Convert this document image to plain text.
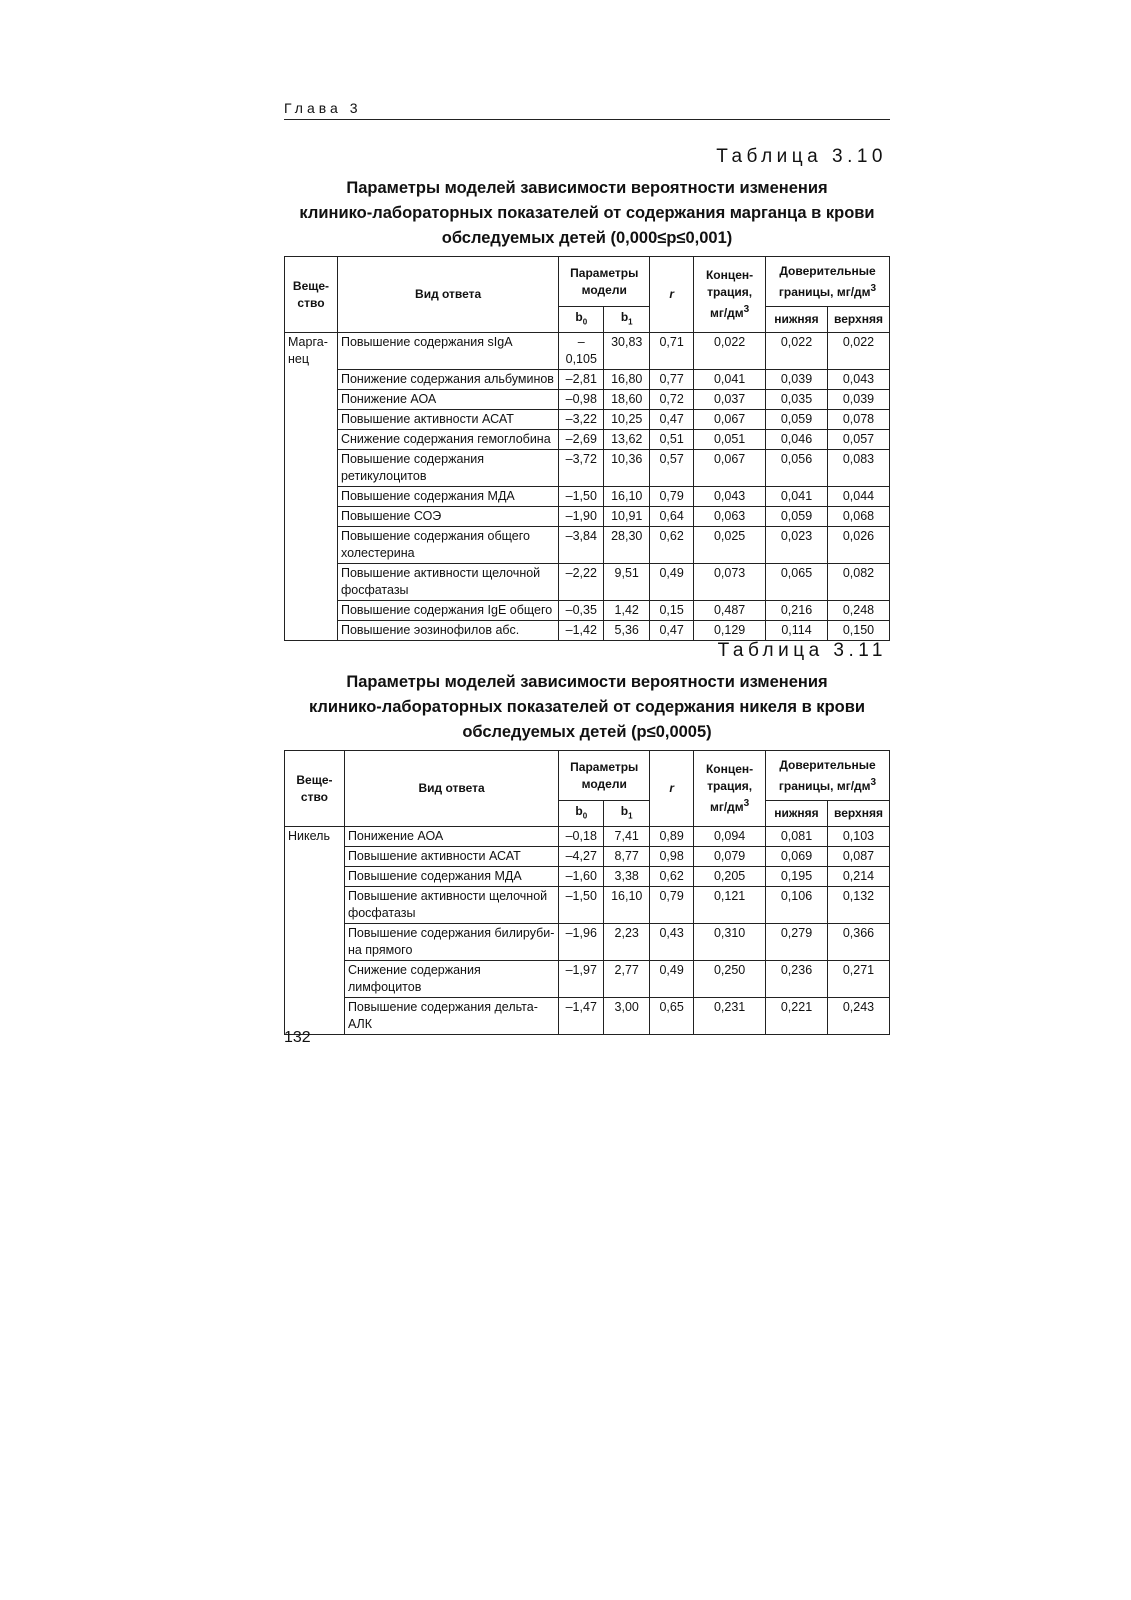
Глава 3
Таблица 3.10
Параметры моделей зависимости вероятности изменения
клинико-лабораторных показателей от содержания марганца в крови
обследуемых детей (0,000≤p≤0,001)
Веще-ство	Вид ответа	Параметры модели		r	Концен-трация, $мг/дм^3$	Доверительные границы, $мг/дм^3$
		$b_0$	$b_1$			нижняя	верхняя
Марга-нец	Повышение содержания sIgA	–0,105	30,83	0,71	0,022	0,022	0,022
	Понижение содержания альбуминов	–2,81	16,80	0,77	0,041	0,039	0,043
	Понижение АОА	–0,98	18,60	0,72	0,037	0,035	0,039
	Повышение активности АСАТ	–3,22	10,25	0,47	0,067	0,059	0,078
	Снижение содержания гемоглобина	–2,69	13,62	0,51	0,051	0,046	0,057
	Повышение содержания ретикулоцитов	–3,72	10,36	0,57	0,067	0,056	0,083
	Повышение содержания МДА	–1,50	16,10	0,79	0,043	0,041	0,044
	Повышение СОЭ	–1,90	10,91	0,64	0,063	0,059	0,068
	Повышение содержания общего холестерина	–3,84	28,30	0,62	0,025	0,023	0,026
	Повышение активности щелочной фосфатазы	–2,22	9,51	0,49	0,073	0,065	0,082
	Повышение содержания IgE общего	–0,35	1,42	0,15	0,487	0,216	0,248
	Повышение эозинофилов абс.	–1,42	5,36	0,47	0,129	0,114	0,150
Таблица 3.11
Параметры моделей зависимости вероятности изменения
клинико-лабораторных показателей от содержания никеля в крови
обследуемых детей (p≤0,0005)
Веще-ство	Вид ответа	Параметры модели		r	Концен-трация, $мг/дм^3$	Доверительные границы, $мг/дм^3$
		$b_0$	$b_1$			нижняя	верхняя
Никель	Понижение АОА	–0,18	7,41	0,89	0,094	0,081	0,103
	Повышение активности АСАТ	–4,27	8,77	0,98	0,079	0,069	0,087
	Повышение содержания МДА	–1,60	3,38	0,62	0,205	0,195	0,214
	Повышение активности щелочной фосфатазы	–1,50	16,10	0,79	0,121	0,106	0,132
	Повышение содержания билируби-на прямого	–1,96	2,23	0,43	0,310	0,279	0,366
	Снижение содержания лимфоцитов	–1,97	2,77	0,49	0,250	0,236	0,271
	Повышение содержания дельта-АЛК	–1,47	3,00	0,65	0,231	0,221	0,243
132
